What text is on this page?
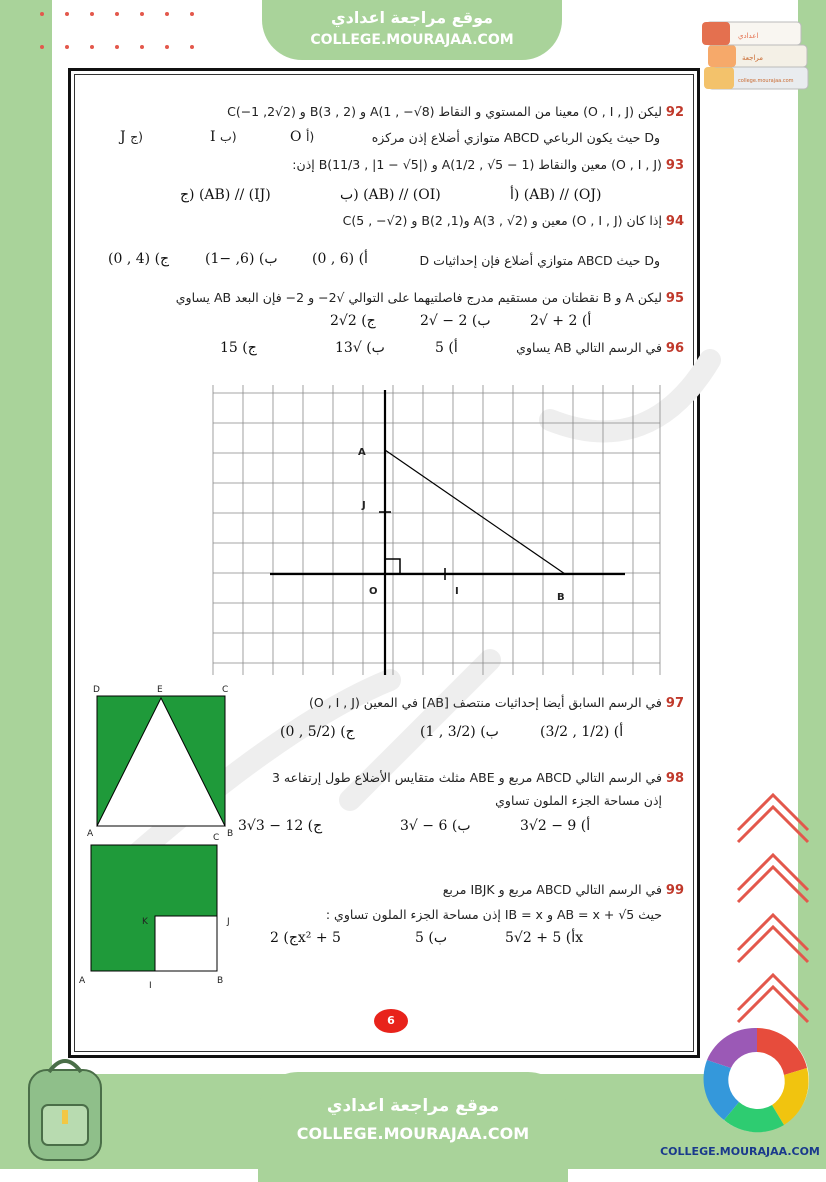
موقع مراجعة اعدادي
COLLEGE.MOURAJAA.COM	اعدادي
مراجعة
college.mourajaa.com
92 ليكن (O , I , J) معينا من المستوي و النقاط A(1 , −√8) و B(3 , 2) و C(−1 ,2√2)
وD حيث يكون الرباعي ABCD متوازي أضلاع إذن مركزه
O أ)
I ب)
J ج)
93 (O , I , J) معين والنقاط A(1/2 , √5 − 1) و B(11/3 , |1 − √5|) إذن:
أ) (AB) // (OJ)
ب) (AB) // (OI)
ج) (AB) // (IJ)
94 إذا كان (O , I , J) معين و A(3 , √2) وB(2 ,1) و C(5 , −√2)
وD حيث ABCD متوازي أضلاع فإن إحداثيات D
أ) (6 , 0)
ب) (6, −1)
ج) (4 , 0)
95 ليكن A و B نقطتان من مستقيم مدرج فاصلتيهما على التوالي √2− و 2− فإن البعد AB يساوي
أ) 2 + √2
ب) 2 − √2
ج) 2√2
96 في الرسم التالي AB يساوي
أ) 5
ب) √13
ج) 15
A
J
O	I
B
97 في الرسم السابق أيضا إحداثيات منتصف [AB] في المعين (O , I , J)
أ) (1/2 , 3/2)
ب) (3/2 , 1)
ج) (5/2 , 0)
D	E	C
A	B
C
98 في الرسم التالي ABCD مربع و ABE مثلث متقايس الأضلاع طول إرتفاعه 3
إذن مساحة الجزء الملون تساوي
أ) 9 − 2√3
ب) 6 − √3
ج) 12 − 3√3
K	J
A	I	B
99 في الرسم التالي ABCD مربع و IBJK مربع
حيث AB = x + √5 و IB = x إذن مساحة الجزء الملون تساوي :
أ) 5 + 2√5x
ب) 5
ج) 2x² + 5
6
موقع مراجعة اعدادي
COLLEGE.MOURAJAA.COM
COLLEGE.MOURAJAA.COM
